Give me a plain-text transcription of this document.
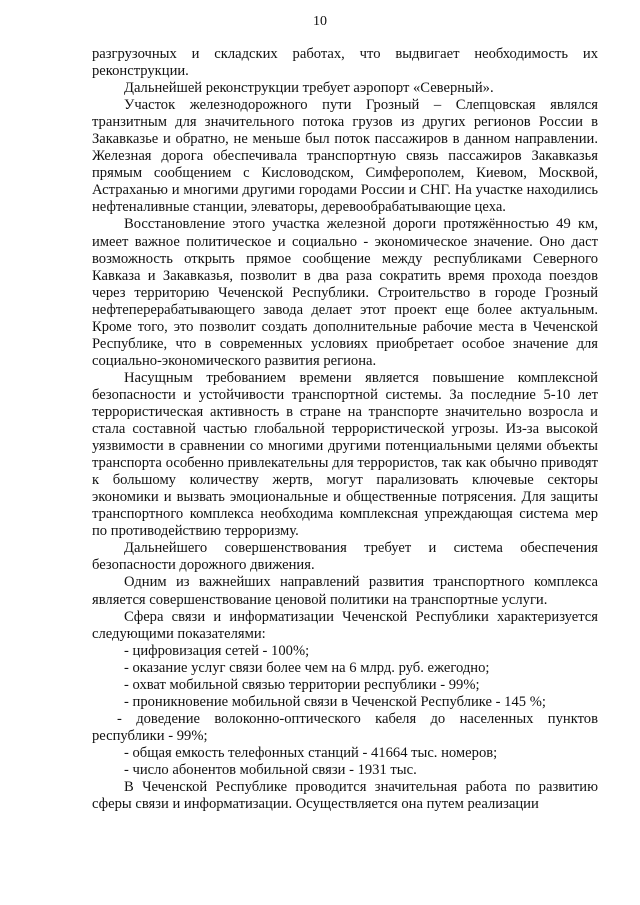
10

разгрузочных и складских работах, что выдвигает необходимость их реконструкции.

Дальнейшей реконструкции требует аэропорт «Северный».

Участок железнодорожного пути Грозный – Слепцовская являлся транзитным для значительного потока грузов из других регионов России в Закавказье и обратно, не меньше был поток пассажиров в данном направлении. Железная дорога обеспечивала транспортную связь пассажиров Закавказья прямым сообщением с Кисловодском, Симферополем, Киевом, Москвой, Астраханью и многими другими городами России и СНГ. На участке находились нефтеналивные станции, элеваторы, деревообрабатывающие цеха.

Восстановление этого участка железной дороги протяжённостью 49 км, имеет важное политическое и социально - экономическое значение. Оно даст возможность открыть прямое сообщение между республиками Северного Кавказа и Закавказья, позволит в два раза сократить время прохода поездов через территорию Чеченской Республики. Строительство в городе Грозный нефтеперерабатывающего завода делает этот проект еще более актуальным. Кроме того, это позволит создать дополнительные рабочие места в Чеченской Республике, что в современных условиях приобретает особое значение для социально-экономического развития региона.

Насущным требованием времени является повышение комплексной безопасности и устойчивости транспортной системы. За последние 5-10 лет террористическая активность в стране на транспорте значительно возросла и стала составной частью глобальной террористической угрозы. Из-за высокой уязвимости в сравнении со многими другими потенциальными целями объекты транспорта особенно привлекательны для террористов, так как обычно приводят к большому количеству жертв, могут парализовать ключевые секторы экономики и вызвать эмоциональные и общественные потрясения. Для защиты транспортного комплекса необходима комплексная упреждающая система мер по противодействию терроризму.

Дальнейшего совершенствования требует и система обеспечения безопасности дорожного движения.

Одним из важнейших направлений развития транспортного комплекса является совершенствование ценовой политики на транспортные услуги.

Сфера связи и информатизации Чеченской Республики характеризуется следующими показателями:

- цифровизация сетей - 100%;

- оказание услуг связи более чем на 6 млрд. руб. ежегодно;

- охват мобильной связью территории республики - 99%;

- проникновение мобильной связи в Чеченской Республике - 145 %;

- доведение волоконно-оптического кабеля до населенных пунктов республики - 99%;

- общая емкость телефонных станций - 41664 тыс. номеров;

- число абонентов мобильной связи - 1931 тыс.

В Чеченской Республике проводится значительная работа по развитию сферы связи и информатизации. Осуществляется она путем реализации
